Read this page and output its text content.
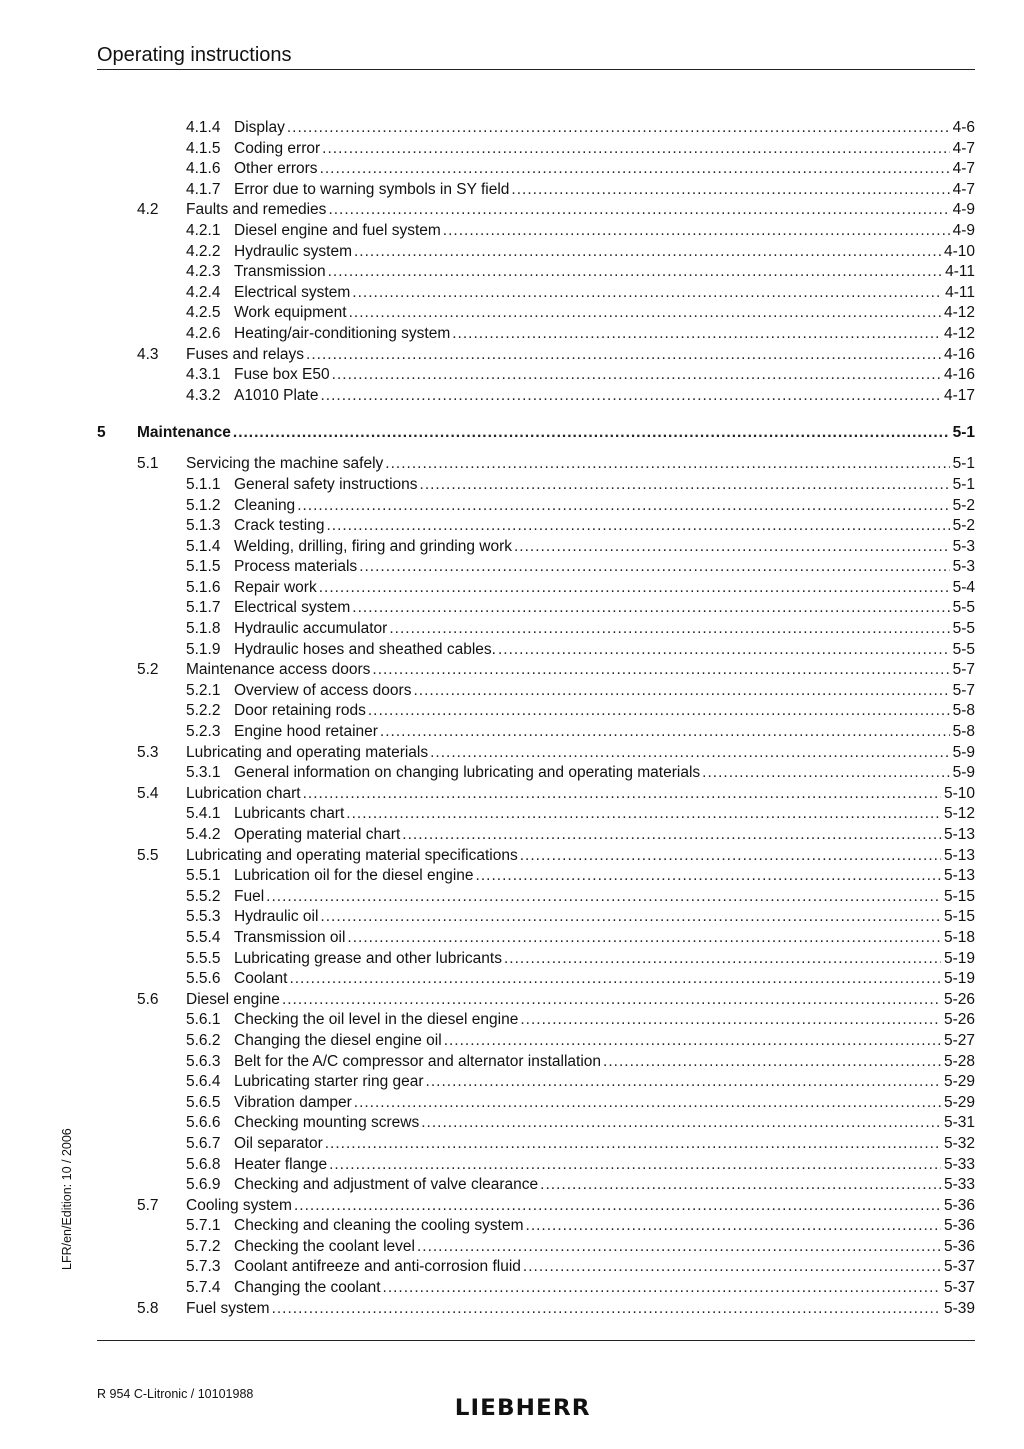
Operating instructions
4.1.4 Display .....	4-6
4.1.5 Coding error .....	4-7
4.1.6 Other errors .....	4-7
4.1.7 Error due to warning symbols in SY field .....	4-7
4.2 Faults and remedies .....	4-9
4.2.1 Diesel engine and fuel system .....	4-9
4.2.2 Hydraulic system .....	4-10
4.2.3 Transmission .....	4-11
4.2.4 Electrical system .....	4-11
4.2.5 Work equipment .....	4-12
4.2.6 Heating/air-conditioning system .....	4-12
4.3 Fuses and relays .....	4-16
4.3.1 Fuse box E50 .....	4-16
4.3.2 A1010 Plate .....	4-17
5 Maintenance .....	5-1
5.1 Servicing the machine safely .....	5-1
5.1.1 General safety instructions .....	5-1
5.1.2 Cleaning .....	5-2
5.1.3 Crack testing .....	5-2
5.1.4 Welding, drilling, firing and grinding work .....	5-3
5.1.5 Process materials .....	5-3
5.1.6 Repair work .....	5-4
5.1.7 Electrical system .....	5-5
5.1.8 Hydraulic accumulator .....	5-5
5.1.9 Hydraulic hoses and sheathed cables. .....	5-5
5.2 Maintenance access doors .....	5-7
5.2.1 Overview of access doors .....	5-7
5.2.2 Door retaining rods .....	5-8
5.2.3 Engine hood retainer .....	5-8
5.3 Lubricating and operating materials .....	5-9
5.3.1 General information on changing lubricating and operating materials .....	5-9
5.4 Lubrication chart .....	5-10
5.4.1 Lubricants chart .....	5-12
5.4.2 Operating material chart .....	5-13
5.5 Lubricating and operating material specifications .....	5-13
5.5.1 Lubrication oil for the diesel engine .....	5-13
5.5.2 Fuel .....	5-15
5.5.3 Hydraulic oil .....	5-15
5.5.4 Transmission oil .....	5-18
5.5.5 Lubricating grease and other lubricants .....	5-19
5.5.6 Coolant .....	5-19
5.6 Diesel engine .....	5-26
5.6.1 Checking the oil level in the diesel engine .....	5-26
5.6.2 Changing the diesel engine oil .....	5-27
5.6.3 Belt for the A/C compressor and alternator installation .....	5-28
5.6.4 Lubricating starter ring gear .....	5-29
5.6.5 Vibration damper .....	5-29
5.6.6 Checking mounting screws .....	5-31
5.6.7 Oil separator .....	5-32
5.6.8 Heater flange .....	5-33
5.6.9 Checking and adjustment of valve clearance .....	5-33
5.7 Cooling system .....	5-36
5.7.1 Checking and cleaning the cooling system .....	5-36
5.7.2 Checking the coolant level .....	5-36
5.7.3 Coolant antifreeze and anti-corrosion fluid .....	5-37
5.7.4 Changing the coolant .....	5-37
5.8 Fuel system .....	5-39
LFR/en/Edition: 10 / 2006
R 954 C-Litronic / 10101988
LIEBHERR
